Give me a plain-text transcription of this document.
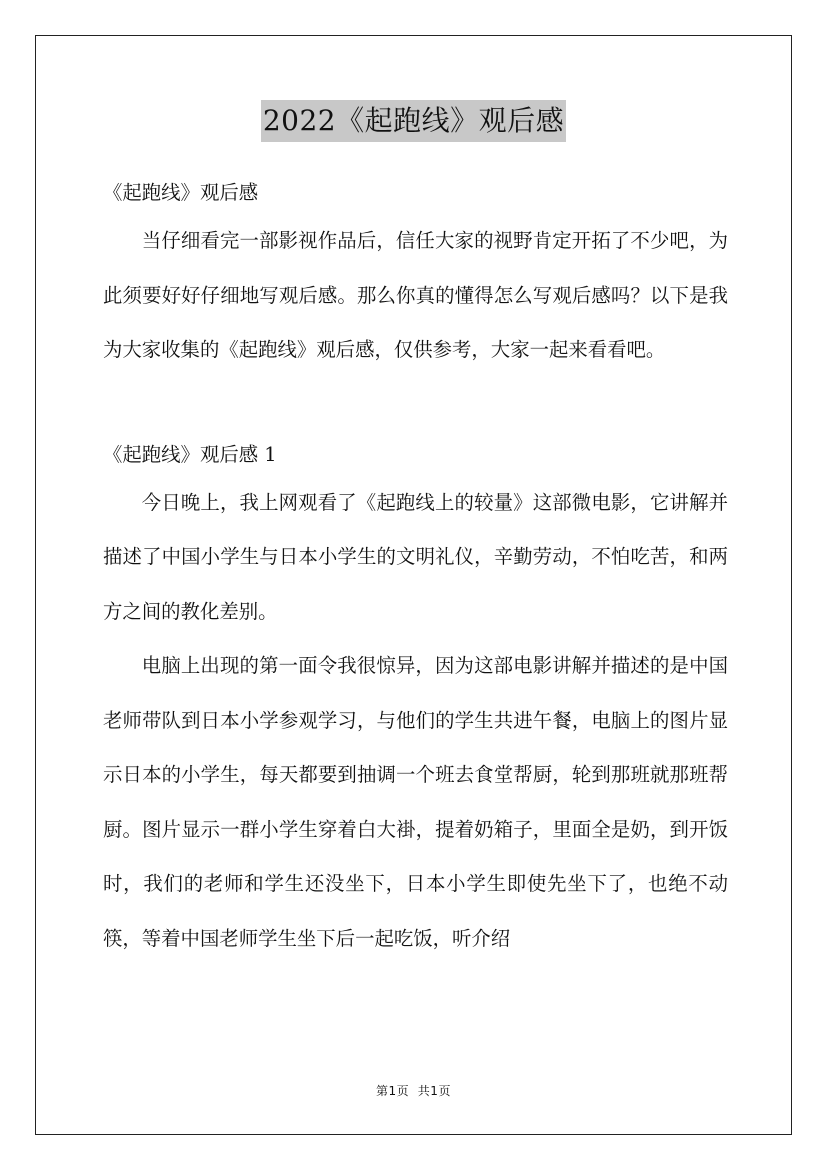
2022《起跑线》观后感

《起跑线》观后感

当仔细看完一部影视作品后，信任大家的视野肯定开拓了不少吧，为此须要好好仔细地写观后感。那么你真的懂得怎么写观后感吗？以下是我为大家收集的《起跑线》观后感，仅供参考，大家一起来看看吧。

《起跑线》观后感 1

今日晚上，我上网观看了《起跑线上的较量》这部微电影，它讲解并描述了中国小学生与日本小学生的文明礼仪，辛勤劳动，不怕吃苦，和两方之间的教化差别。

电脑上出现的第一面令我很惊异，因为这部电影讲解并描述的是中国老师带队到日本小学参观学习，与他们的学生共进午餐，电脑上的图片显示日本的小学生，每天都要到抽调一个班去食堂帮厨，轮到那班就那班帮厨。图片显示一群小学生穿着白大褂，提着奶箱子，里面全是奶，到开饭时，我们的老师和学生还没坐下，日本小学生即使先坐下了，也绝不动筷，等着中国老师学生坐下后一起吃饭，听介绍

第1页  共1页
